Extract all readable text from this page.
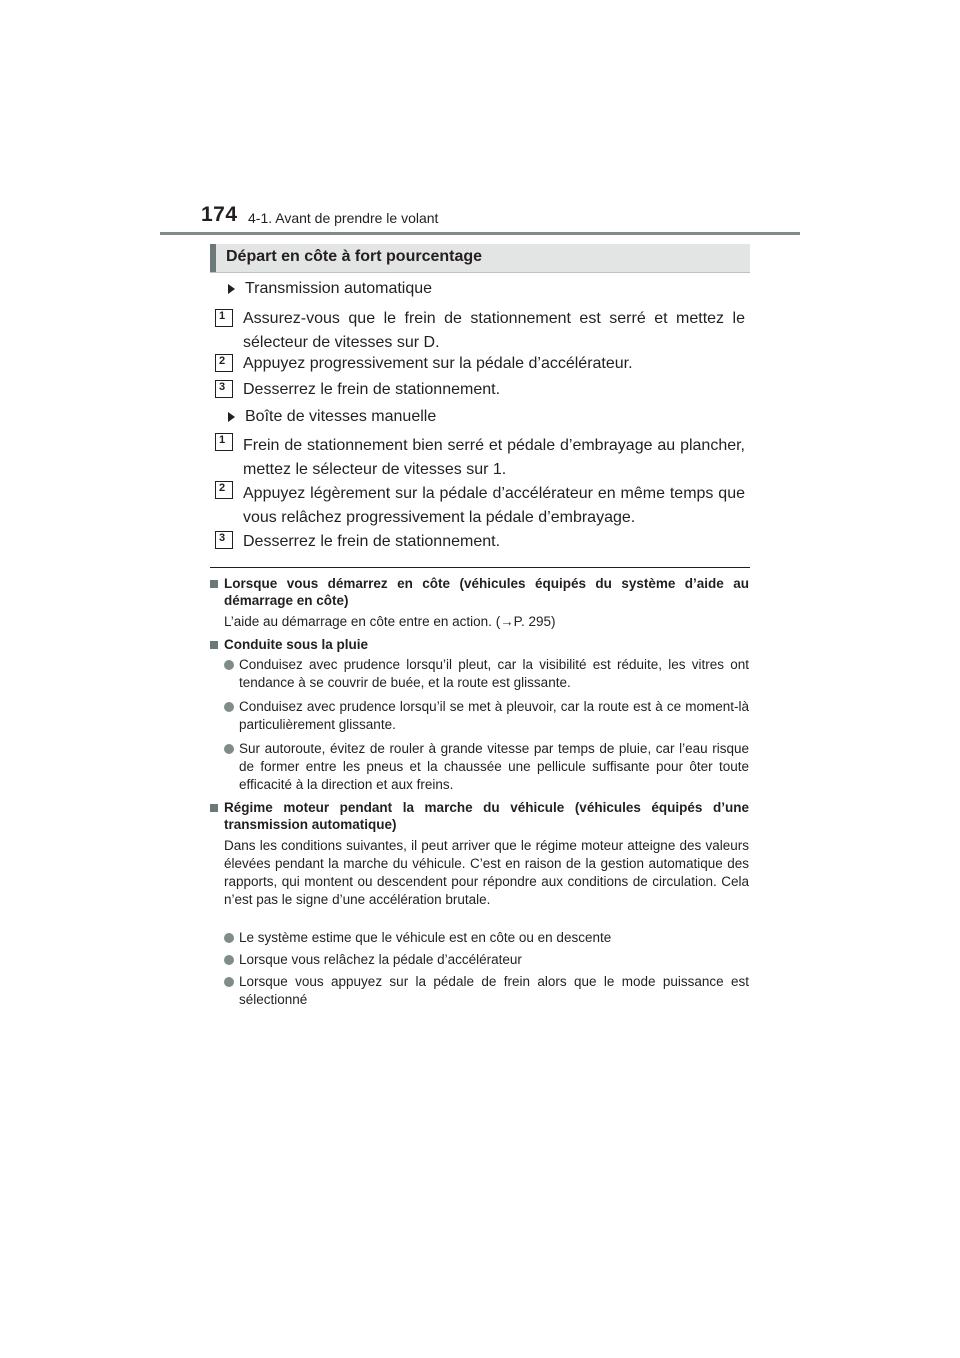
174 4-1. Avant de prendre le volant
Départ en côte à fort pourcentage
Transmission automatique
1	Assurez-vous que le frein de stationnement est serré et mettez le sélecteur de vitesses sur D.
2	Appuyez progressivement sur la pédale d’accélérateur.
3	Desserrez le frein de stationnement.
Boîte de vitesses manuelle
1	Frein de stationnement bien serré et pédale d’embrayage au plancher, mettez le sélecteur de vitesses sur 1.
2	Appuyez légèrement sur la pédale d’accélérateur en même temps que vous relâchez progressivement la pédale d’embrayage.
3	Desserrez le frein de stationnement.
Lorsque vous démarrez en côte (véhicules équipés du système d’aide au démarrage en côte)
L’aide au démarrage en côte entre en action. (→P. 295)
Conduite sous la pluie
Conduisez avec prudence lorsqu’il pleut, car la visibilité est réduite, les vitres ont tendance à se couvrir de buée, et la route est glissante.
Conduisez avec prudence lorsqu’il se met à pleuvoir, car la route est à ce moment-là particulièrement glissante.
Sur autoroute, évitez de rouler à grande vitesse par temps de pluie, car l’eau risque de former entre les pneus et la chaussée une pellicule suffisante pour ôter toute efficacité à la direction et aux freins.
Régime moteur pendant la marche du véhicule (véhicules équipés d’une transmission automatique)
Dans les conditions suivantes, il peut arriver que le régime moteur atteigne des valeurs élevées pendant la marche du véhicule. C’est en raison de la gestion automatique des rapports, qui montent ou descendent pour répondre aux conditions de circulation. Cela n’est pas le signe d’une accélération brutale.
Le système estime que le véhicule est en côte ou en descente
Lorsque vous relâchez la pédale d’accélérateur
Lorsque vous appuyez sur la pédale de frein alors que le mode puissance est sélectionné
